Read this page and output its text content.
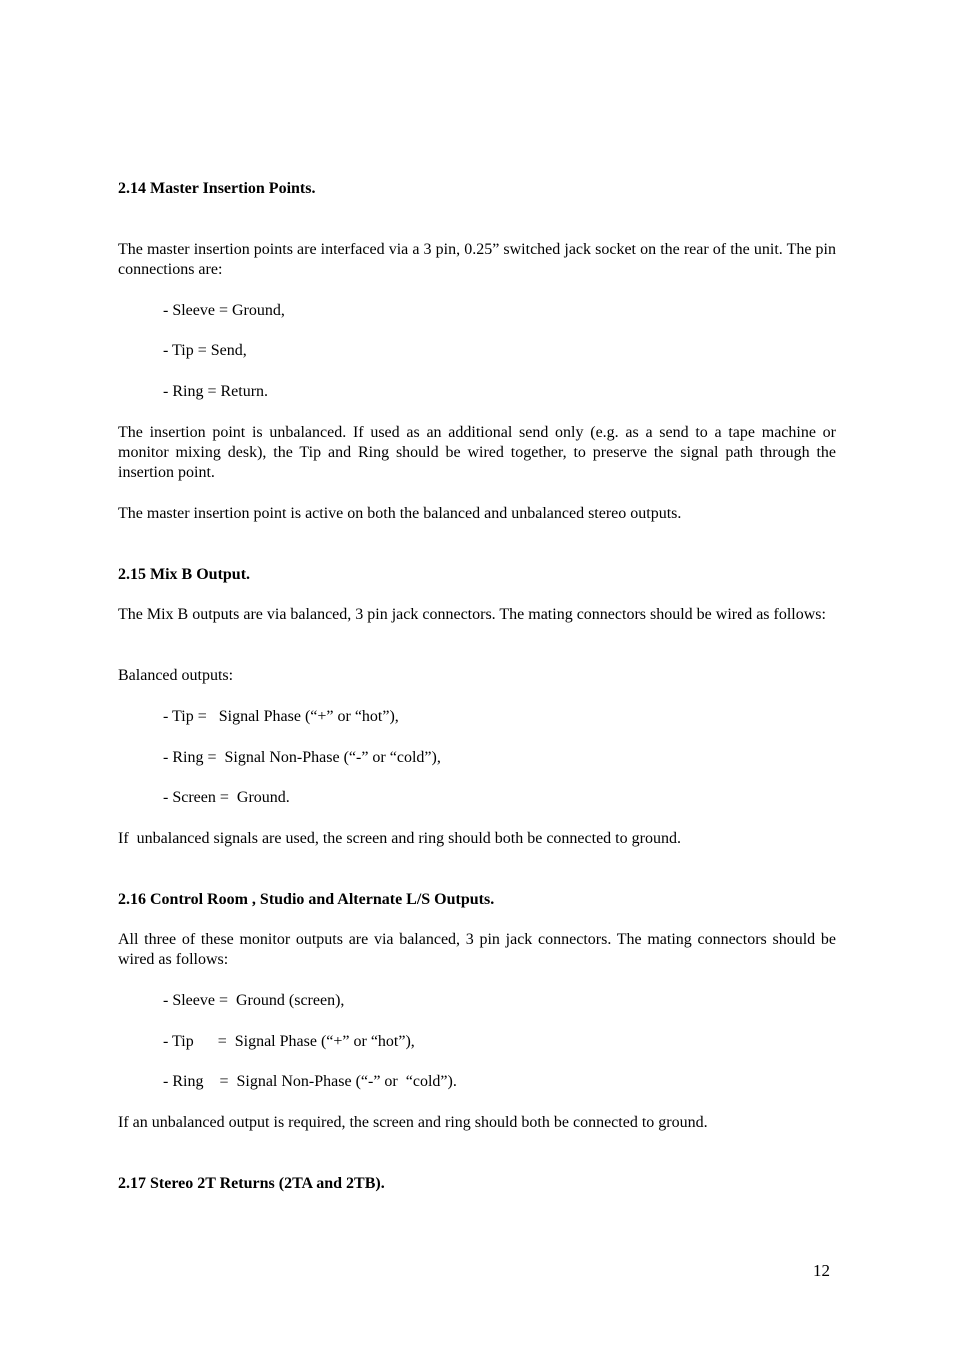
2.14 Master Insertion Points.

The master insertion points are interfaced via a 3 pin, 0.25” switched jack socket on the rear of the unit. The pin connections are:

- Sleeve = Ground,

- Tip = Send,

- Ring = Return.

The insertion point is unbalanced. If used as an additional send only (e.g. as a send to a tape machine or monitor mixing desk), the Tip and Ring should be wired together, to preserve the signal path through the insertion point.

The master insertion point is active on both the balanced and unbalanced stereo outputs.

2.15 Mix B Output.

The Mix B outputs are via balanced, 3 pin jack connectors. The mating connectors should be wired as follows:

Balanced outputs:

- Tip =   Signal Phase (“+” or “hot”),

- Ring =  Signal Non-Phase (“-” or “cold”),

- Screen =  Ground.

If  unbalanced signals are used, the screen and ring should both be connected to ground.

2.16 Control Room , Studio and Alternate L/S Outputs.

All three of these monitor outputs are via balanced, 3 pin jack connectors. The mating connectors should be wired as follows:

- Sleeve =  Ground (screen),

- Tip      =  Signal Phase (“+” or “hot”),

- Ring    =  Signal Non-Phase (“-” or  “cold”).

If an unbalanced output is required, the screen and ring should both be connected to ground.

2.17 Stereo 2T Returns (2TA and 2TB).

12
